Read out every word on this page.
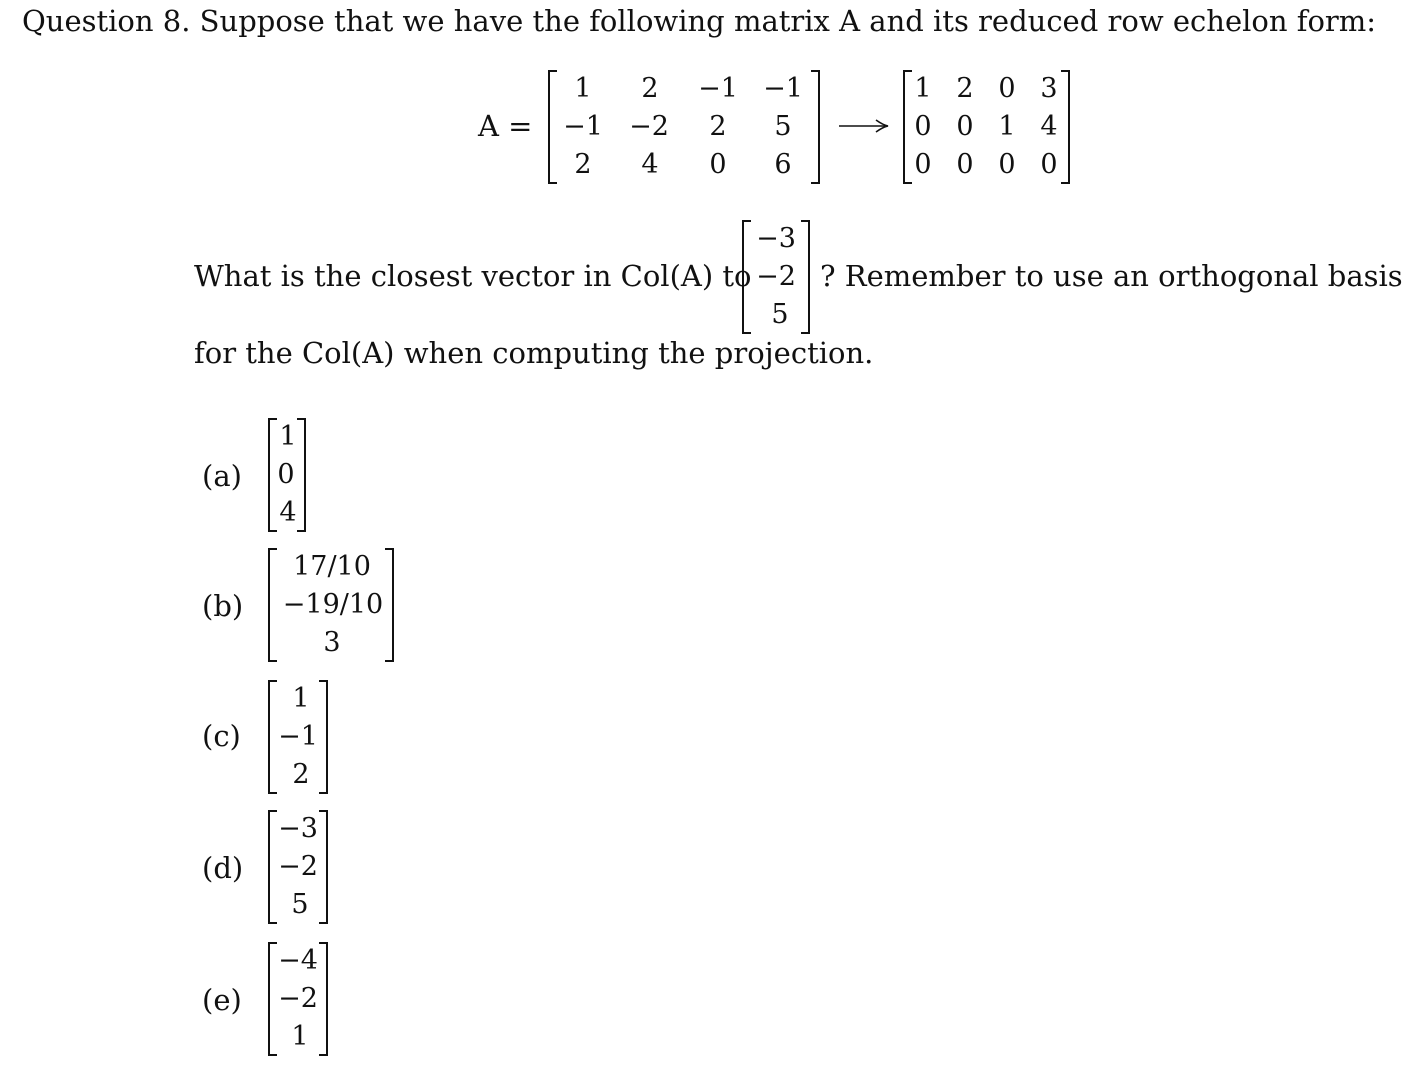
Question 8. Suppose that we have the following matrix A and its reduced row echelon form:
A =
1	2	−1 −1
−1 −2	2	5
2	4	0	6
1 2 0 3
0 0 1 4
0 0 0 0
What is the closest vector in Col(A) to
−3
−2
5
? Remember to use an orthogonal basis
for the Col(A) when computing the projection.
(a)
1
0
4
(b)
17/10
−19/10
3
(c)
1
−1
2
(d)
−3
−2
5
(e)
−4
−2
1
